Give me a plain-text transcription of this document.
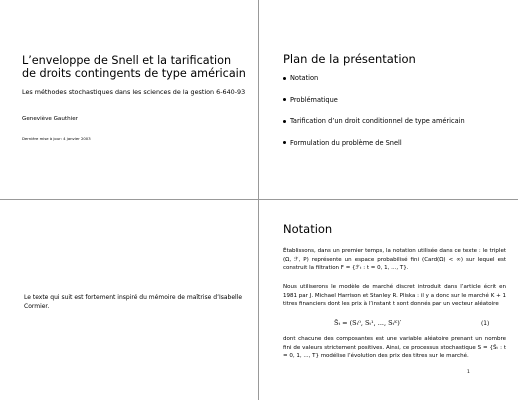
L’enveloppe de Snell et la tarification de droits contingents de type américain
Les méthodes stochastiques dans les sciences de la gestion 6-640-93
Geneviève Gauthier
Dernière mise à jour: 4 janvier 2003
Plan de la présentation
Notation
Problématique
Tarification d’un droit conditionnel de type américain
Formulation du problème de Snell
Le texte qui suit est fortement inspiré du mémoire de maîtrise d’Isabelle Cormier.
Notation
Établissons, dans un premier temps, la notation utilisée dans ce texte : le triplet (Ω, ℱ, P) représente un espace probabilisé fini (Card(Ω) < ∞) sur lequel est construit la filtration F = {ℱₜ : t = 0, 1, ..., T}.
Nous utiliserons le modèle de marché discret introduit dans l’article écrit en 1981 par J. Michael Harrison et Stanley R. Pliska : il y a donc sur le marché K + 1 titres financiers dont les prix à l’instant t sont donnés par un vecteur aléatoire
S̄ₜ = (Sₜ⁰, Sₜ¹, ..., Sₜᴷ)′	(1)
dont chacune des composantes est une variable aléatoire prenant un nombre fini de valeurs strictement positives. Ainsi, ce processus stochastique S = {S̄ₜ : t = 0, 1, ..., T} modélise l’évolution des prix des titres sur le marché.
1
